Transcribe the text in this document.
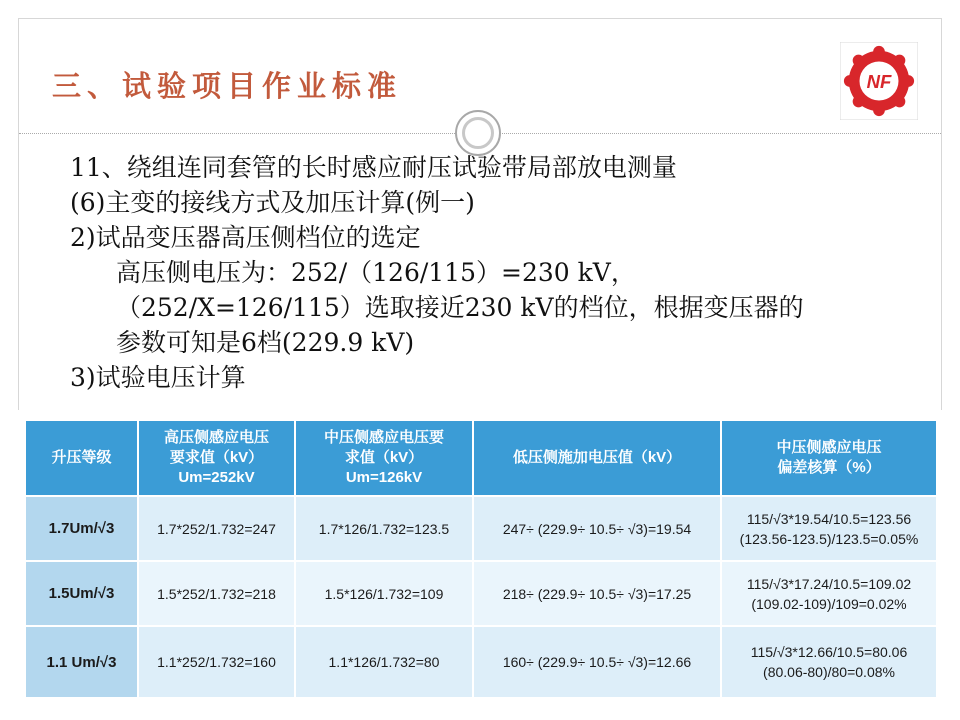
三、试验项目作业标准	NF
11、绕组连同套管的长时感应耐压试验带局部放电测量
(6)主变的接线方式及加压计算(例一)
2)试品变压器高压侧档位的选定
高压侧电压为：252/（126/115）=230 kV，
（252/X=126/115）选取接近230 kV的档位，根据变压器的
参数可知是6档(229.9 kV)
3)试验电压计算
升压等级	高压侧感应电压
要求值（kV）
Um=252kV	中压侧感应电压要
求值（kV）
Um=126kV	低压侧施加电压值（kV）	中压侧感应电压
偏差核算（%）

1.7Um/√3	1.7*252/1.732=247	1.7*126/1.732=123.5	247÷ (229.9÷ 10.5÷ √3)=19.54	115/√3*19.54/10.5=123.56
(123.56-123.5)/123.5=0.05%

1.5Um/√3	1.5*252/1.732=218	1.5*126/1.732=109	218÷ (229.9÷ 10.5÷ √3)=17.25	115/√3*17.24/10.5=109.02
(109.02-109)/109=0.02%

1.1 Um/√3	1.1*252/1.732=160	1.1*126/1.732=80	160÷ (229.9÷ 10.5÷ √3)=12.66	115/√3*12.66/10.5=80.06
(80.06-80)/80=0.08%
